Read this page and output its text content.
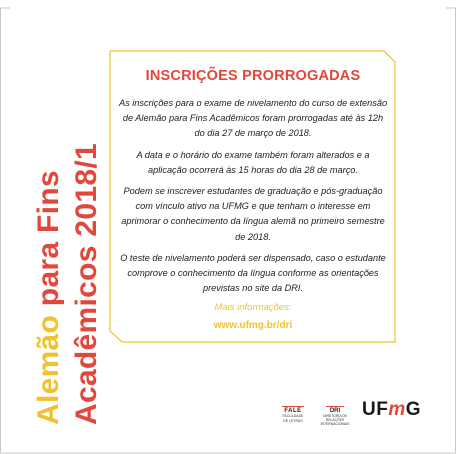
Alemão para Fins Acadêmicos 2018/1
INSCRIÇÕES PRORROGADAS

As inscrições para o exame de nivelamento do curso de extensão de Alemão para Fins Acadêmicos foram prorrogadas até às 12h do dia 27 de março de 2018.

A data e o horário do exame também foram alterados e a aplicação ocorrerá às 15 horas do dia 28 de março.

Podem se inscrever estudantes de graduação e pós-graduação com vínculo ativo na UFMG e que tenham o interesse em aprimorar o conhecimento da língua alemã no primeiro semestre de 2018.

O teste de nivelamento poderá ser dispensado, caso o estudante comprove o conhecimento da língua conforme as orientações previstas no site da DRI.

Mais informações:
www.ufmg.br/dri
FALE
FACULDADE DE LETRAS
DRI
DIRETORIA DE RELAÇÕES INTERNACIONAIS
UFmG
